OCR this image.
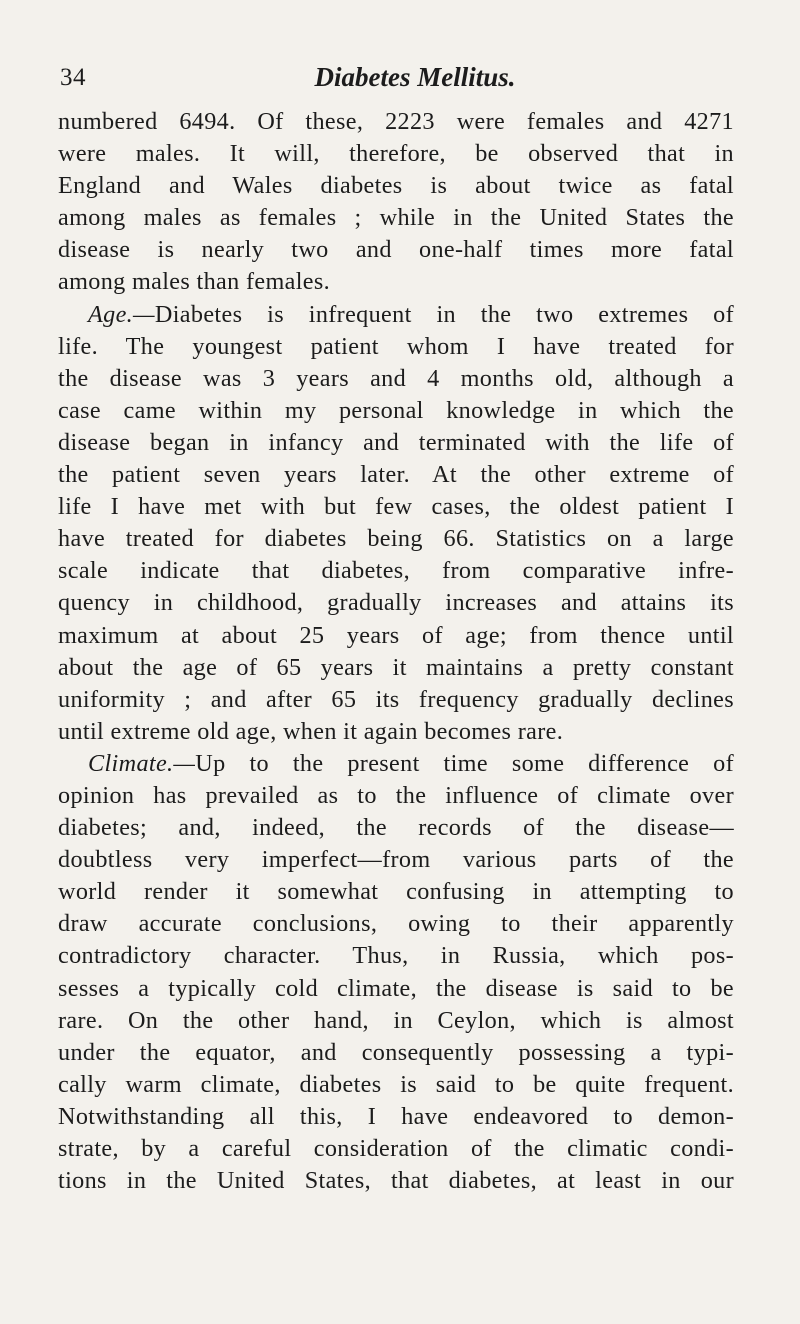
34	Diabetes Mellitus.
numbered 6494. Of these, 2223 were females and 4271
were males. It will, therefore, be observed that in
England and Wales diabetes is about twice as fatal
among males as females ; while in the United States the
disease is nearly two and one-half times more fatal
among males than females.
Age.—Diabetes is infrequent in the two extremes of
life. The youngest patient whom I have treated for
the disease was 3 years and 4 months old, although a
case came within my personal knowledge in which the
disease began in infancy and terminated with the life of
the patient seven years later. At the other extreme of
life I have met with but few cases, the oldest patient I
have treated for diabetes being 66. Statistics on a large
scale indicate that diabetes, from comparative infre-
quency in childhood, gradually increases and attains its
maximum at about 25 years of age; from thence until
about the age of 65 years it maintains a pretty constant
uniformity ; and after 65 its frequency gradually declines
until extreme old age, when it again becomes rare.
Climate.—Up to the present time some difference of
opinion has prevailed as to the influence of climate over
diabetes; and, indeed, the records of the disease—
doubtless very imperfect—from various parts of the
world render it somewhat confusing in attempting to
draw accurate conclusions, owing to their apparently
contradictory character. Thus, in Russia, which pos-
sesses a typically cold climate, the disease is said to be
rare. On the other hand, in Ceylon, which is almost
under the equator, and consequently possessing a typi-
cally warm climate, diabetes is said to be quite frequent.
Notwithstanding all this, I have endeavored to demon-
strate, by a careful consideration of the climatic condi-
tions in the United States, that diabetes, at least in our
